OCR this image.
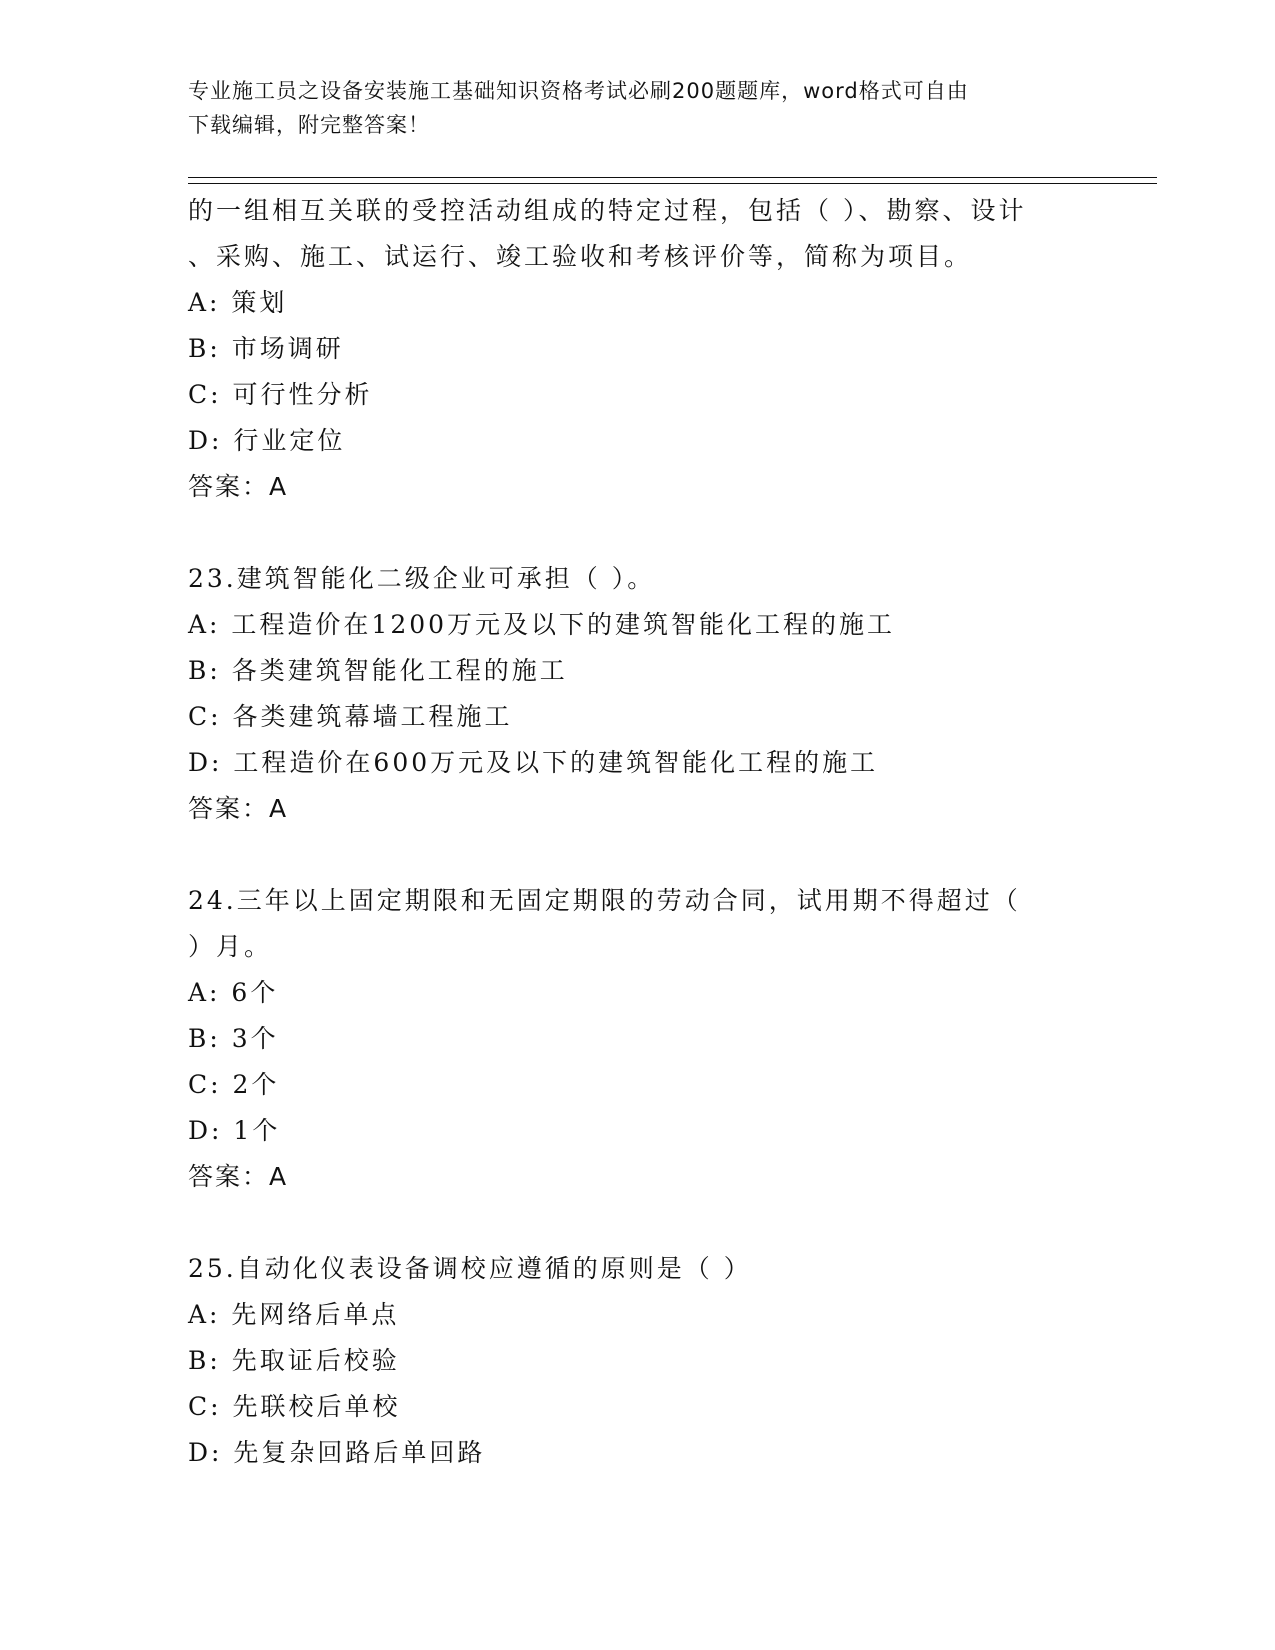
专业施工员之设备安装施工基础知识资格考试必刷200题题库，word格式可自由
下载编辑，附完整答案！
的一组相互关联的受控活动组成的特定过程，包括（ ）、勘察、设计
、采购、施工、试运行、竣工验收和考核评价等，简称为项目。
A: 策划
B: 市场调研
C: 可行性分析
D: 行业定位
答案：A
23.建筑智能化二级企业可承担（ ）。
A: 工程造价在1200万元及以下的建筑智能化工程的施工
B: 各类建筑智能化工程的施工
C: 各类建筑幕墙工程施工
D: 工程造价在600万元及以下的建筑智能化工程的施工
答案：A
24.三年以上固定期限和无固定期限的劳动合同，试用期不得超过（
）月。
A: 6个
B: 3个
C: 2个
D: 1个
答案：A
25.自动化仪表设备调校应遵循的原则是（ ）
A: 先网络后单点
B: 先取证后校验
C: 先联校后单校
D: 先复杂回路后单回路
